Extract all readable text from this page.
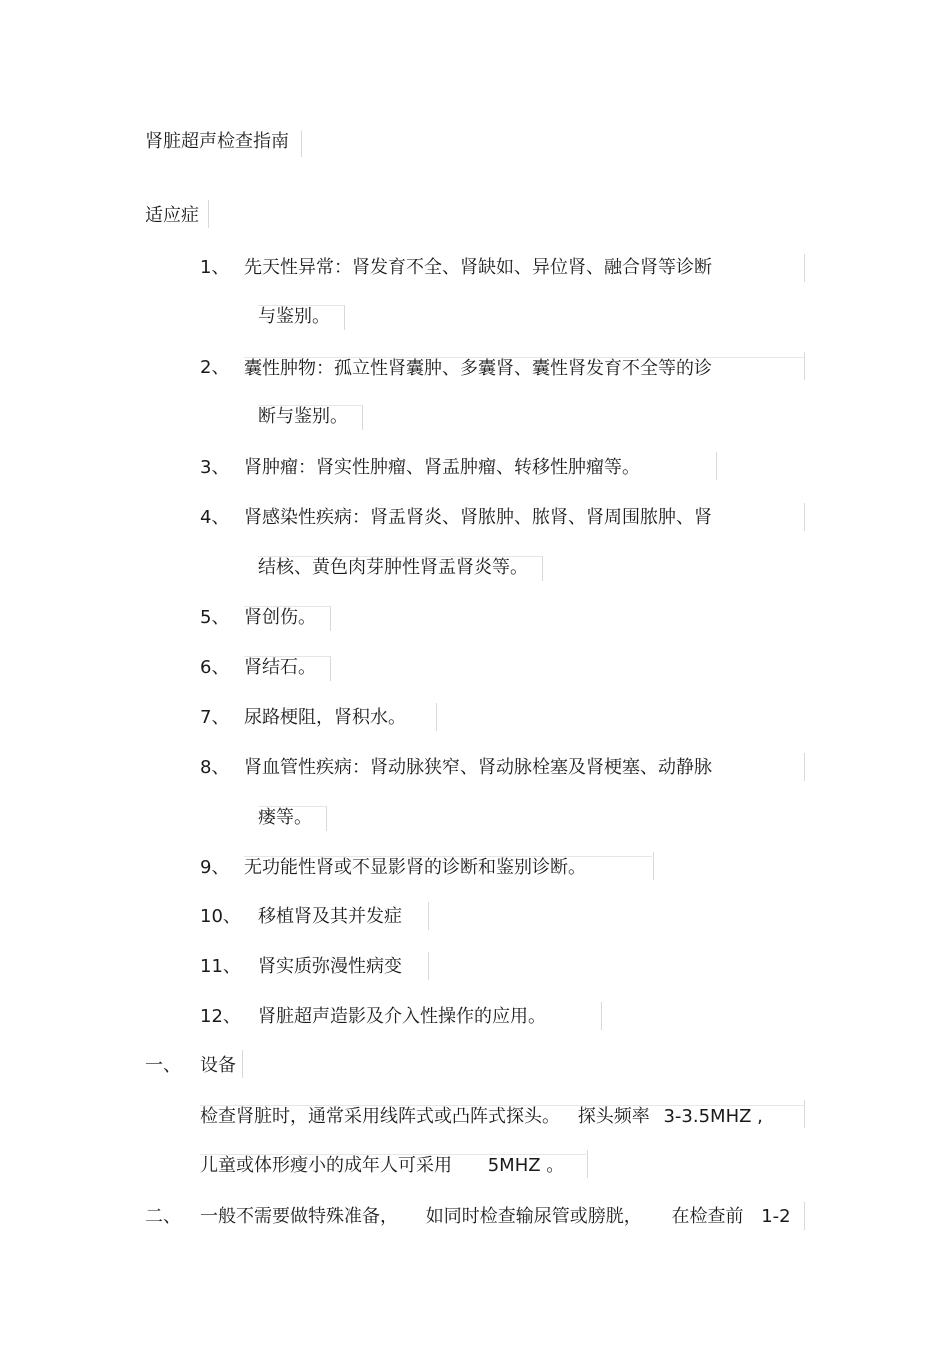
肾脏超声检查指南
适应症
1、 先天性异常：肾发育不全、肾缺如、异位肾、融合肾等诊断
与鉴别。
2、 囊性肿物：孤立性肾囊肿、多囊肾、囊性肾发育不全等的诊
断与鉴别。
3、 肾肿瘤：肾实性肿瘤、肾盂肿瘤、转移性肿瘤等。
4、 肾感染性疾病：肾盂肾炎、肾脓肿、脓肾、肾周围脓肿、肾
结核、黄色肉芽肿性肾盂肾炎等。
5、 肾创伤。
6、 肾结石。
7、 尿路梗阻，肾积水。
8、 肾血管性疾病：肾动脉狭窄、肾动脉栓塞及肾梗塞、动静脉
瘘等。
9、 无功能性肾或不显影肾的诊断和鉴别诊断。
10、 移植肾及其并发症
11、 肾实质弥漫性病变
12、 肾脏超声造影及介入性操作的应用。
一、 设备
检查肾脏时，通常采用线阵式或凸阵式探头。 探头频率 3-3.5MHZ ,
儿童或体形瘦小的成年人可采用 5MHZ 。
二、 一般不需要做特殊准备， 如同时检查输尿管或膀胱， 在检查前 1-2
